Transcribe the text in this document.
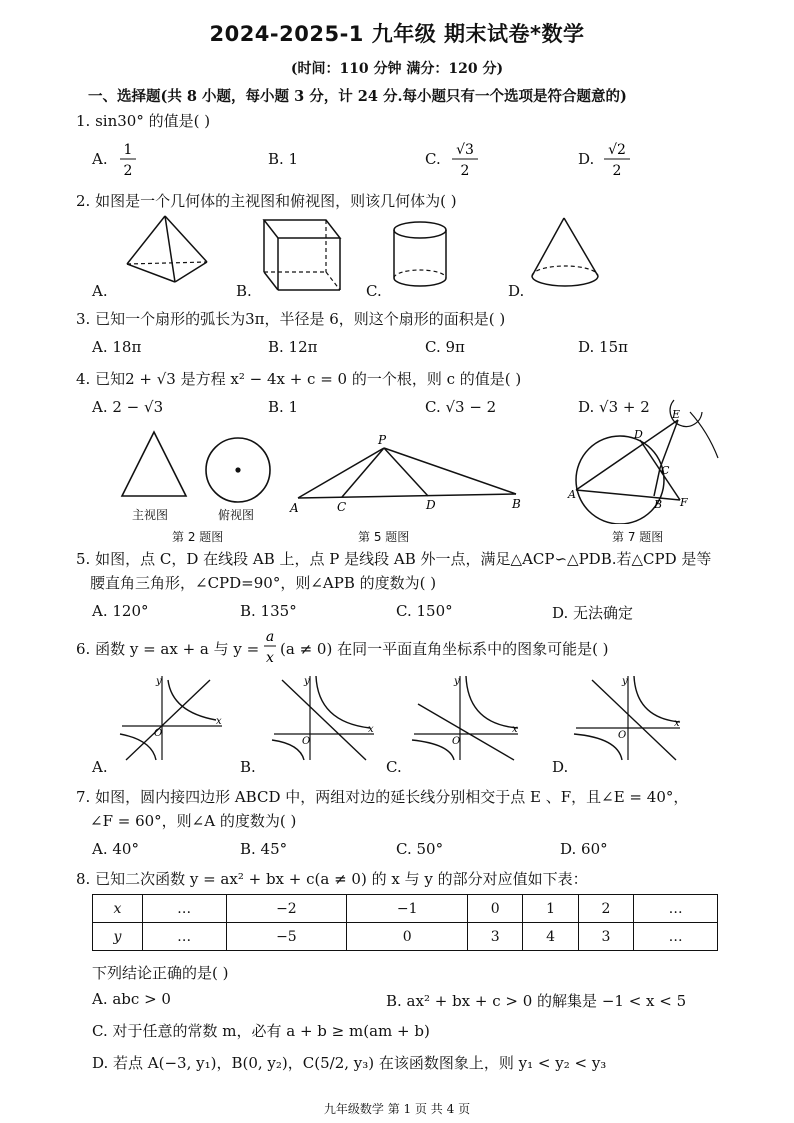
2024-2025-1 九年级 期末试卷*数学
(时间：110 分钟 满分：120 分)
一、选择题(共 8 小题，每小题 3 分，计 24 分.每小题只有一个选项是符合题意的)
1. sin30° 的值是( )
A. 1
2
B. 1	C. √3
2
D. √2
2
2. 如图是一个几何体的主视图和俯视图，则该几何体为( )
A.	B.	C.	D.
3. 已知一个扇形的弧长为3π，半径是 6，则这个扇形的面积是( )
A. 18π	B. 12π	C. 9π	D. 15π
4. 已知2 + √3 是方程 x² − 4x + c = 0 的一个根，则 c 的值是( )
A. 2 − √3	B. 1	C. √3 − 2	D. √3 + 2
主视图	俯视图
第 2 题图
P
A	C	D	B
第 5 题图
A
D
E
C
B F
第 7 题图
5. 如图，点 C，D 在线段 AB 上，点 P 是线段 AB 外一点，满足△ACP∽△PDB.若△CPD 是等
腰直角三角形，∠CPD=90°，则∠APB 的度数为( )
A. 120°	B. 135°	C. 150°	D. 无法确定
6. 函数 y = ax + a 与 y =
a
x (a ≠ 0) 在同一平面直角坐标系中的图象可能是( )
x
y
O
A.
x
y
O
B.
x
y
O
C.
x
y
O
D.
7. 如图，圆内接四边形 ABCD 中，两组对边的延长线分别相交于点 E 、F，且∠E = 40°，
∠F = 60°，则∠A 的度数为( )
A. 40°	B. 45°	C. 50°	D. 60°
8. 已知二次函数 y = ax² + bx + c(a ≠ 0) 的 x 与 y 的部分对应值如下表：
x	…	−2	−1	0	1	2	…
y	…	−5	0	3	4	3	…
下列结论正确的是( )
A. abc > 0	B. ax² + bx + c > 0 的解集是 −1 < x < 5
C. 对于任意的常数 m，必有 a + b ≥ m(am + b)
D. 若点 A(−3, y₁)，B(0, y₂)，C(5/2, y₃) 在该函数图象上，则 y₁ < y₂ < y₃
九年级数学 第 1 页 共 4 页
